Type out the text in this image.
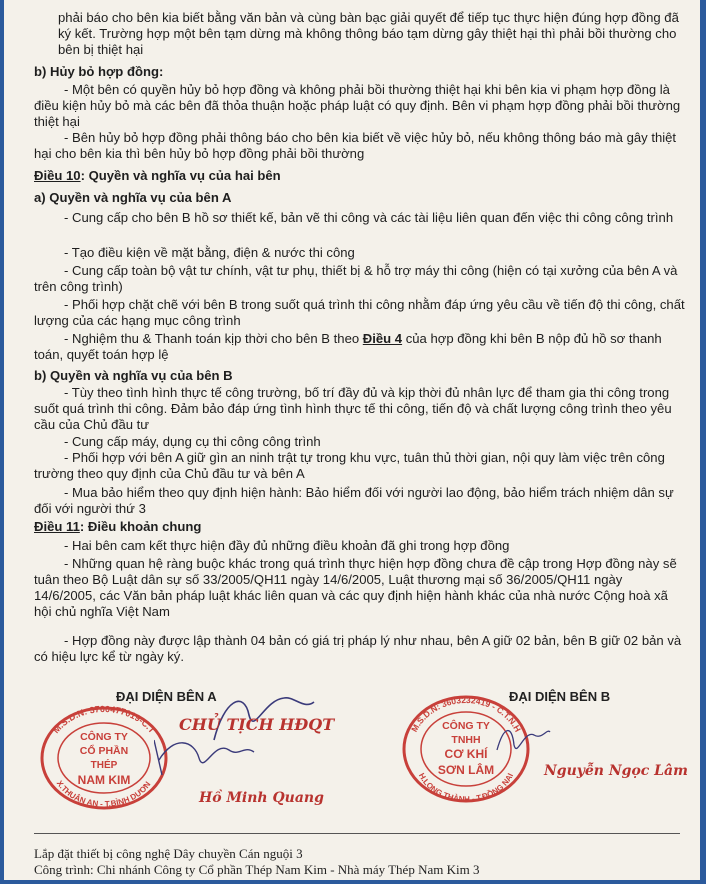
phải báo cho bên kia biết bằng văn bản và cùng bàn bạc giải quyết để tiếp tục thực hiện đúng hợp đồng đã ký kết. Trường hợp một bên tạm dừng mà không thông báo tạm dừng gây thiệt hại thì phải bồi thường cho bên bị thiệt hại
b) Hủy bỏ hợp đồng:
- Một bên có quyền hủy bỏ hợp đồng và không phải bồi thường thiệt hại khi bên kia vi phạm hợp đồng là điều kiện hủy bỏ mà các bên đã thỏa thuận hoặc pháp luật có quy định. Bên vi phạm hợp đồng phải bồi thường thiệt hại
- Bên hủy bỏ hợp đồng phải thông báo cho bên kia biết về việc hủy bỏ, nếu không thông báo mà gây thiệt hại cho bên kia thì bên hủy bỏ hợp đồng phải bồi thường
Điều 10: Quyền và nghĩa vụ của hai bên
a) Quyền và nghĩa vụ của bên A
- Cung cấp cho bên B hồ sơ thiết kế, bản vẽ thi công và các tài liệu liên quan đến việc thi công công trình
- Tạo điều kiện về mặt bằng, điện & nước thi công
- Cung cấp toàn bộ vật tư chính, vật tư phụ, thiết bị & hỗ trợ máy thi công (hiện có tại xưởng của bên A và trên công trình)
- Phối hợp chặt chẽ với bên B trong suốt quá trình thi công nhằm đáp ứng yêu cầu về tiến độ thi công, chất lượng của các hạng mục công trình
- Nghiệm thu & Thanh toán kịp thời cho bên B theo Điều 4 của hợp đồng khi bên B nộp đủ hồ sơ thanh toán, quyết toán hợp lệ
b) Quyền và nghĩa vụ của bên B
- Tùy theo tình hình thực tế công trường, bố trí đầy đủ và kịp thời đủ nhân lực để tham gia thi công trong suốt quá trình thi công. Đảm bảo đáp ứng tình hình thực tế thi công, tiến độ và chất lượng công trình theo yêu cầu của Chủ đầu tư
- Cung cấp máy, dụng cụ thi công công trình
- Phối hợp với bên A giữ gìn an ninh trật tự trong khu vực, tuân thủ thời gian, nội quy làm việc trên công trường theo quy định của Chủ đầu tư và bên A
- Mua bảo hiểm theo quy định hiện hành: Bảo hiểm đối với người lao động, bảo hiểm trách nhiệm dân sự đối với người thứ 3
Điều 11: Điều khoản chung
- Hai bên cam kết thực hiện đầy đủ những điều khoản đã ghi trong hợp đồng
- Những quan hệ ràng buộc khác trong quá trình thực hiện hợp đồng chưa đề cập trong Hợp đồng này sẽ tuân theo Bộ Luật dân sự số 33/2005/QH11 ngày 14/6/2005, Luật thương mại số 36/2005/QH11 ngày 14/6/2005, các Văn bản pháp luật khác liên quan và các quy định hiện hành khác của nhà nước Cộng hoà xã hội chủ nghĩa Việt Nam
- Hợp đồng này được lập thành 04 bản có giá trị pháp lý như nhau, bên A giữ 02 bản, bên B giữ 02 bản và có hiệu lực kể từ ngày ký.
ĐẠI DIỆN BÊN A	ĐẠI DIỆN BÊN B
M.S.D.N: 3700477019-C.T
TX.THUẬN AN - T.BÌNH DƯƠNG
CÔNG TY
CỔ PHẦN
THÉP
NAM KIM
M.S.D.N: 3603232419 - C.T.N.H
H.LONG THÀNH - T.ĐỒNG NAI
CÔNG TY
TNHH
CƠ KHÍ
SƠN LÂM
CHỦ TỊCH HĐQT
Hồ Minh Quang
Nguyễn Ngọc Lâm
Lắp đặt thiết bị công nghệ Dây chuyền Cán nguội 3
Công trình: Chi nhánh Công ty Cổ phần Thép Nam Kim - Nhà máy Thép Nam Kim 3
